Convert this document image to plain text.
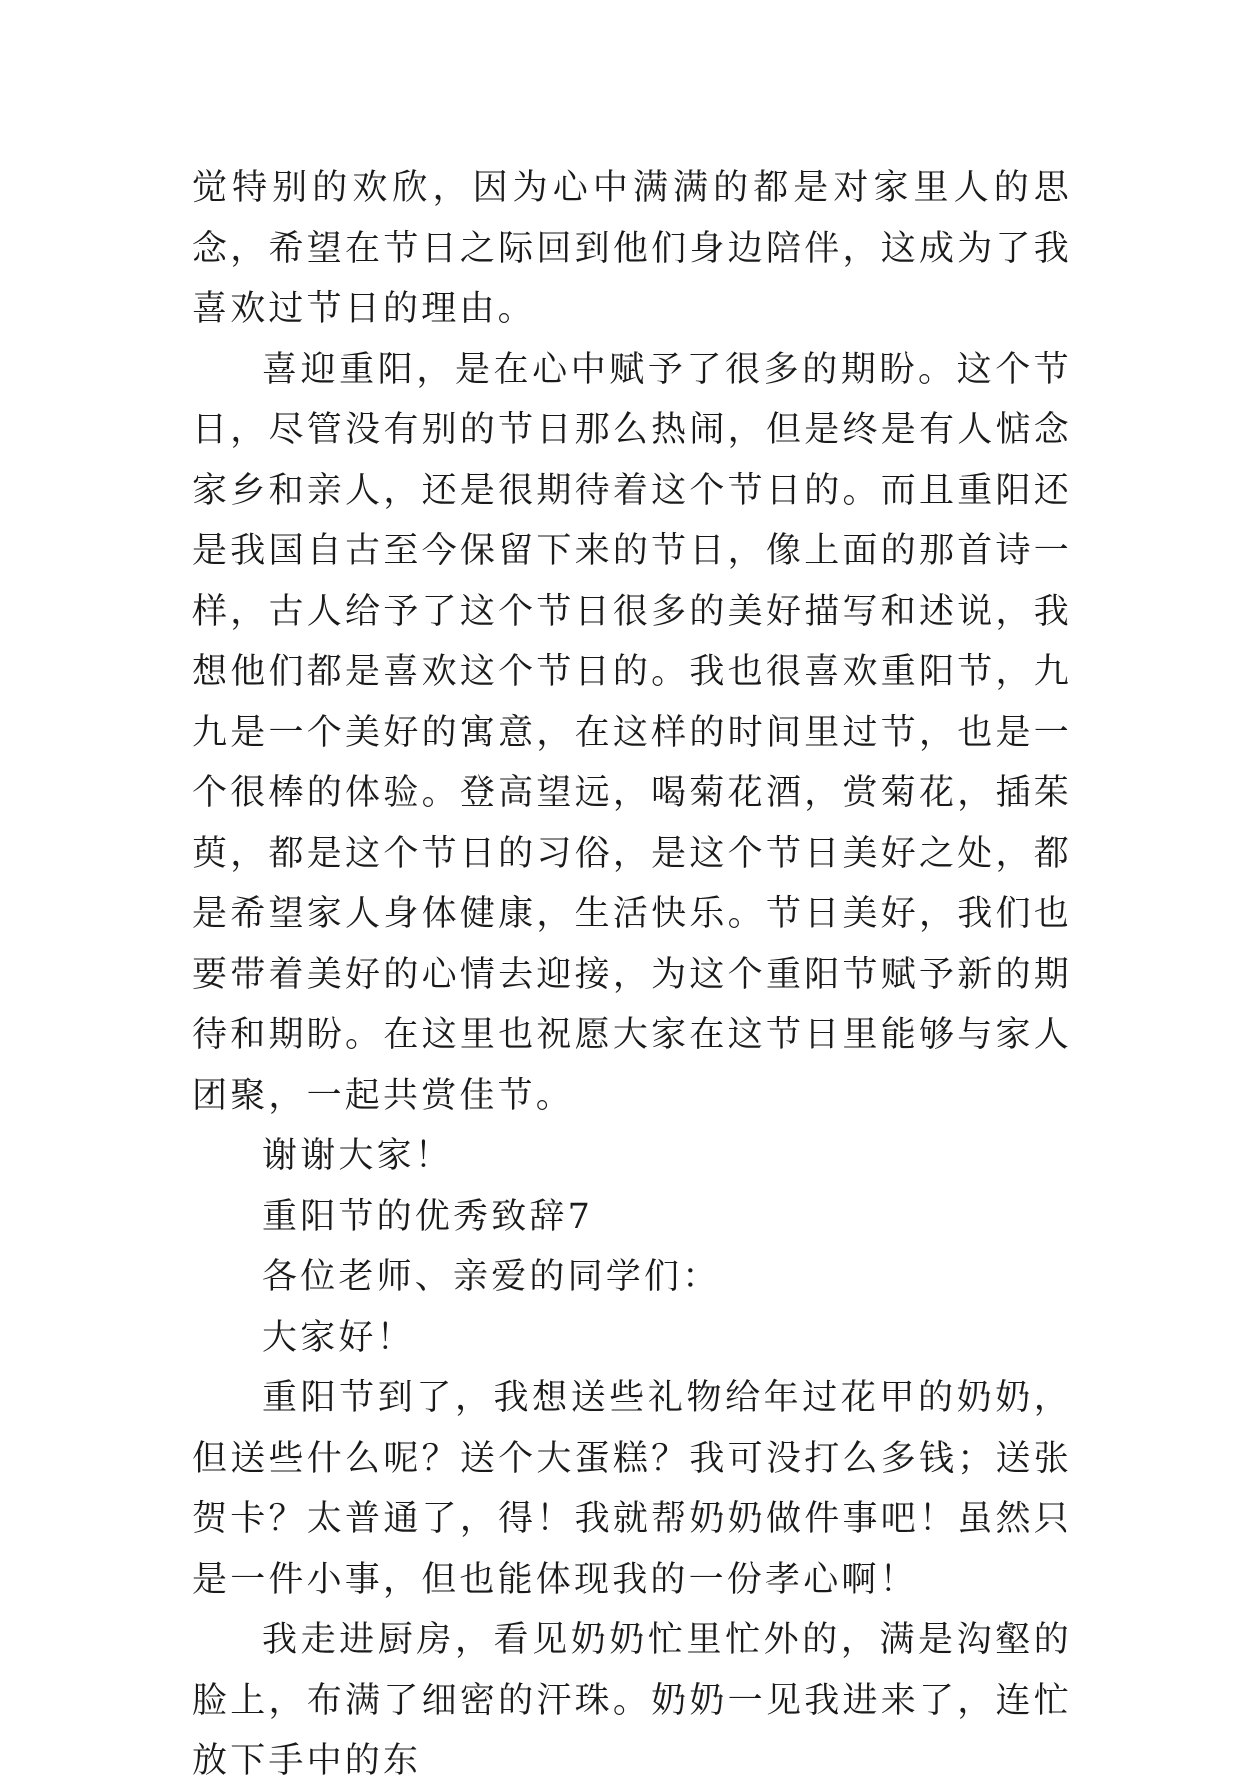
觉特别的欢欣，因为心中满满的都是对家里人的思念，希望在节日之际回到他们身边陪伴，这成为了我喜欢过节日的理由。

喜迎重阳，是在心中赋予了很多的期盼。这个节日，尽管没有别的节日那么热闹，但是终是有人惦念家乡和亲人，还是很期待着这个节日的。而且重阳还是我国自古至今保留下来的节日，像上面的那首诗一样，古人给予了这个节日很多的美好描写和述说，我想他们都是喜欢这个节日的。我也很喜欢重阳节，九九是一个美好的寓意，在这样的时间里过节，也是一个很棒的体验。登高望远，喝菊花酒，赏菊花，插茱萸，都是这个节日的习俗，是这个节日美好之处，都是希望家人身体健康，生活快乐。节日美好，我们也要带着美好的心情去迎接，为这个重阳节赋予新的期待和期盼。在这里也祝愿大家在这节日里能够与家人团聚，一起共赏佳节。

谢谢大家！

重阳节的优秀致辞7

各位老师、亲爱的同学们：

大家好！

重阳节到了，我想送些礼物给年过花甲的奶奶，但送些什么呢？送个大蛋糕？我可没打么多钱；送张贺卡？太普通了，得！我就帮奶奶做件事吧！虽然只是一件小事，但也能体现我的一份孝心啊！

我走进厨房，看见奶奶忙里忙外的，满是沟壑的脸上，布满了细密的汗珠。奶奶一见我进来了，连忙放下手中的东
